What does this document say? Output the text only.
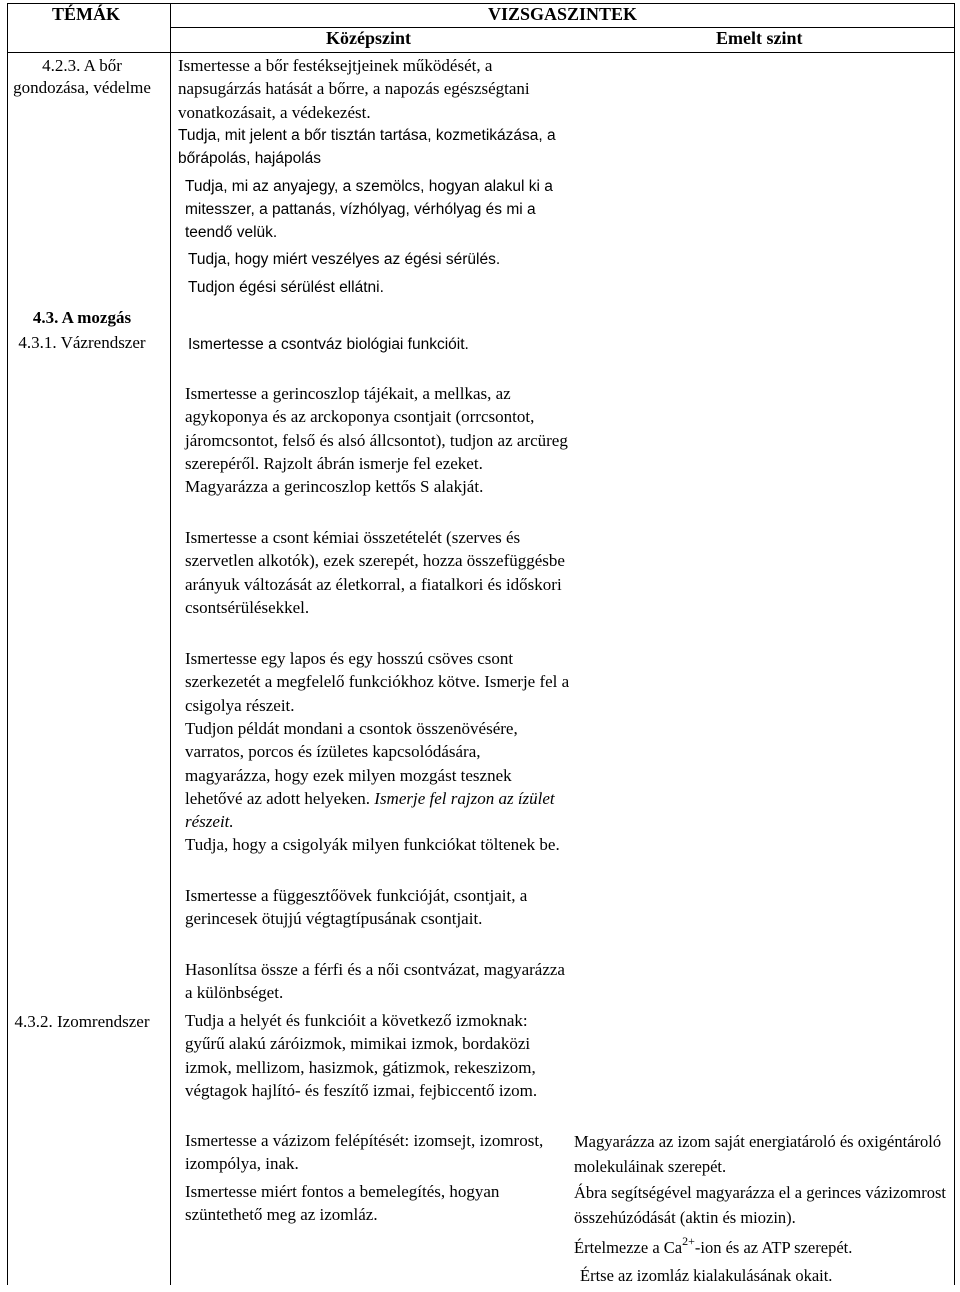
TÉMÁK	VIZSGASZINTEK
Középszint	Emelt szint
4.2.3. A bőr gondozása, védelme
4.3. A mozgás
4.3.1. Vázrendszer
4.3.2. Izomrendszer
Ismertesse a bőr festéksejtjeinek működését, a napsugárzás hatását a bőrre, a napozás egészségtani vonatkozásait, a védekezést.
Tudja, mit jelent a bőr tisztán tartása, kozmetikázása, a bőrápolás, hajápolás
Tudja, mi az anyajegy, a szemölcs, hogyan alakul ki a mitesszer, a pattanás, vízhólyag, vérhólyag és mi a teendő velük.
Tudja, hogy miért veszélyes az égési sérülés.
Tudjon égési sérülést ellátni.
Ismertesse a csontváz biológiai funkcióit.
Ismertesse a gerincoszlop tájékait, a mellkas, az agykoponya és az arckoponya csontjait (orrcsontot, járomcsontot, felső és alsó állcsontot), tudjon az arcüreg szerepéről. Rajzolt ábrán ismerje fel ezeket. Magyarázza a gerincoszlop kettős S alakját.
Ismertesse a csont kémiai összetételét (szerves és szervetlen alkotók), ezek szerepét, hozza összefüggésbe arányuk változását az életkorral, a fiatalkori és időskori csontsérülésekkel.
Ismertesse egy lapos és egy hosszú csöves csont szerkezetét a megfelelő funkciókhoz kötve. Ismerje fel a csigolya részeit.
Tudjon példát mondani a csontok összenövésére, varratos, porcos és ízületes kapcsolódására, magyarázza, hogy ezek milyen mozgást tesznek lehetővé az adott helyeken. Ismerje fel rajzon az ízület részeit.
Tudja, hogy a csigolyák milyen funkciókat töltenek be.
Ismertesse a függesztőövek funkcióját, csontjait, a gerincesek ötujjú végtagtípusának csontjait.
Hasonlítsa össze a férfi és a női csontvázat, magyarázza a különbséget.
Tudja a helyét és funkcióit a következő izmoknak: gyűrű alakú záróizmok, mimikai izmok, bordaközi izmok, mellizom, hasizmok, gátizmok, rekeszizom, végtagok hajlító- és feszítő izmai, fejbiccentő izom.
Ismertesse a vázizom felépítését: izomsejt, izomrost, izompólya, inak.
Ismertesse miért fontos a bemelegítés, hogyan szüntethető meg az izomláz.
Magyarázza az izom saját energiatároló és oxigéntároló molekuláinak szerepét.
Ábra segítségével magyarázza el a gerinces vázizomrost összehúzódását (aktin és miozin).
Értelmezze a $Ca^{2+}$-ion és az ATP szerepét.
Értse az izomláz kialakulásának okait.
